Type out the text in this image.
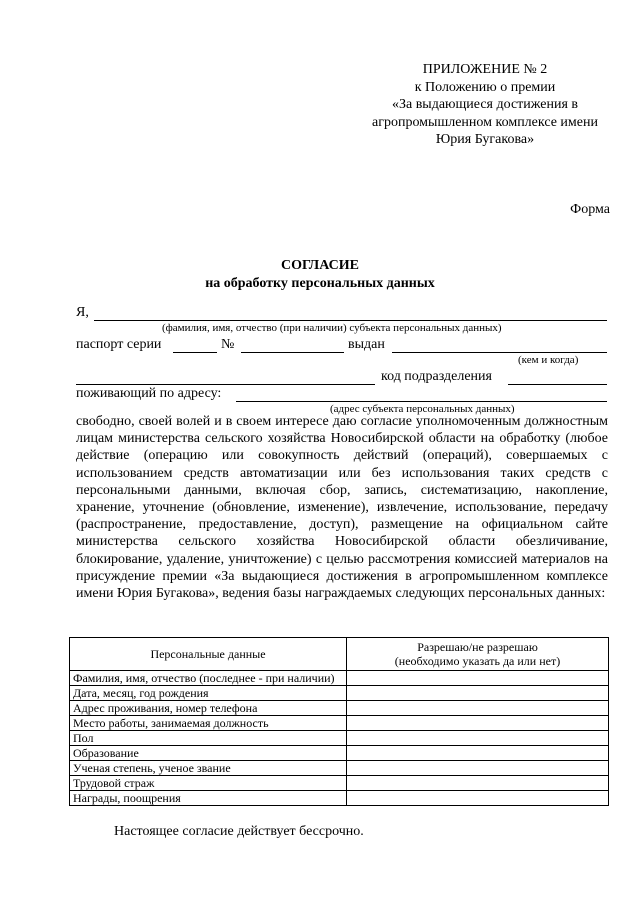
ПРИЛОЖЕНИЕ № 2
к Положению о премии
«За выдающиеся достижения в
агропромышленном комплексе имени
Юрия Бугакова»
Форма
СОГЛАСИЕ
на обработку персональных данных
Я,
(фамилия, имя, отчество (при наличии) субъекта персональных данных)
паспорт серии	№	выдан
(кем и когда)
код подразделения
поживающий по адресу:
(адрес субъекта персональных данных)
свободно, своей волей и в своем интересе даю согласие уполномоченным должностным лицам министерства сельского хозяйства Новосибирской области на обработку (любое действие (операцию или совокупность действий (операций), совершаемых с использованием средств автоматизации или без использования таких средств с персональными данными, включая сбор, запись, систематизацию, накопление, хранение, уточнение (обновление, изменение), извлечение, использование, передачу (распространение, предоставление, доступ), размещение на официальном сайте министерства сельского хозяйства Новосибирской области обезличивание, блокирование, удаление, уничтожение) с целью рассмотрения комиссией материалов на присуждение премии «За выдающиеся достижения в агропромышленном комплексе имени Юрия Бугакова», ведения базы награждаемых следующих персональных данных:
Персональные данные	Разрешаю/не разрешаю
(необходимо указать да или нет)

Фамилия, имя, отчество (последнее - при наличии)	
Дата, месяц, год рождения	
Адрес проживания, номер телефона	
Место работы, занимаемая должность	
Пол	
Образование	
Ученая степень, ученое звание	
Трудовой страж	
Награды, поощрения	
Настоящее согласие действует бессрочно.
